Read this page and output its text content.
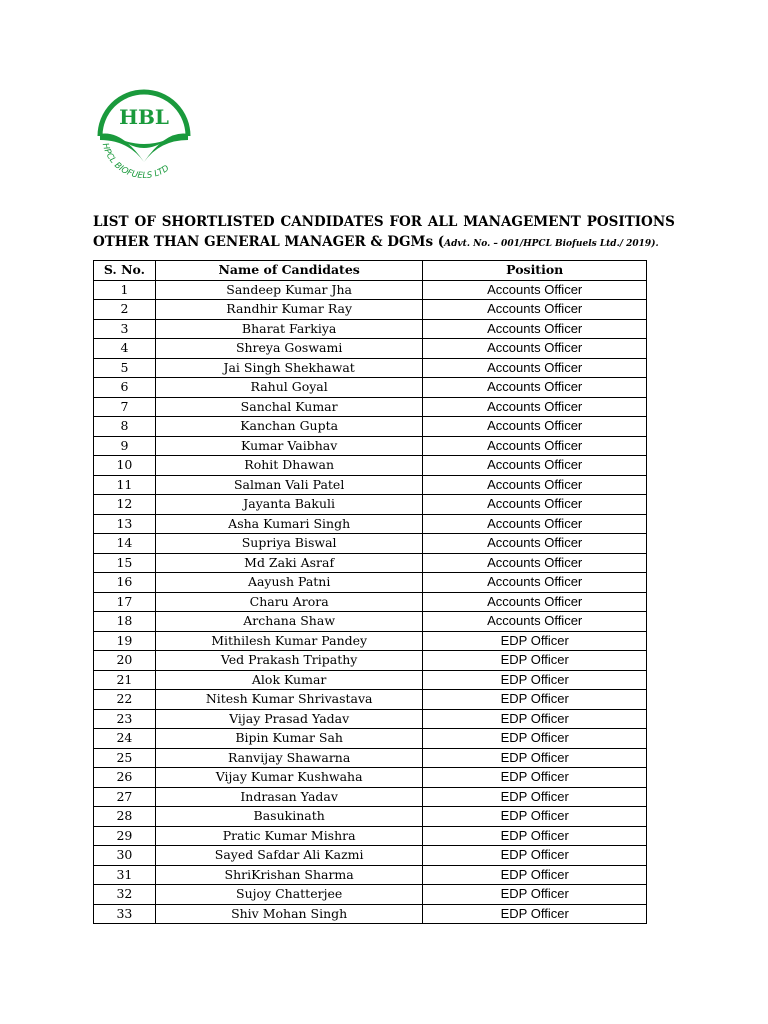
HBL
HPCL BIOFUELS LTD
LIST OF SHORTLISTED CANDIDATES FOR ALL MANAGEMENT POSITIONS
OTHER THAN GENERAL MANAGER & DGMs (Advt. No. – 001/HPCL Biofuels Ltd./ 2019).
S. No.	Name of Candidates	Position
1	Sandeep Kumar Jha	Accounts Officer
2	Randhir Kumar Ray	Accounts Officer
3	Bharat Farkiya	Accounts Officer
4	Shreya Goswami	Accounts Officer
5	Jai Singh Shekhawat	Accounts Officer
6	Rahul Goyal	Accounts Officer
7	Sanchal Kumar	Accounts Officer
8	Kanchan Gupta	Accounts Officer
9	Kumar Vaibhav	Accounts Officer
10	Rohit Dhawan	Accounts Officer
11	Salman Vali Patel	Accounts Officer
12	Jayanta Bakuli	Accounts Officer
13	Asha Kumari Singh	Accounts Officer
14	Supriya Biswal	Accounts Officer
15	Md Zaki Asraf	Accounts Officer
16	Aayush Patni	Accounts Officer
17	Charu Arora	Accounts Officer
18	Archana Shaw	Accounts Officer
19	Mithilesh Kumar Pandey	EDP Officer
20	Ved Prakash Tripathy	EDP Officer
21	Alok Kumar	EDP Officer
22	Nitesh Kumar Shrivastava	EDP Officer
23	Vijay Prasad Yadav	EDP Officer
24	Bipin Kumar Sah	EDP Officer
25	Ranvijay Shawarna	EDP Officer
26	Vijay Kumar Kushwaha	EDP Officer
27	Indrasan Yadav	EDP Officer
28	Basukinath	EDP Officer
29	Pratic Kumar Mishra	EDP Officer
30	Sayed Safdar Ali Kazmi	EDP Officer
31	ShriKrishan Sharma	EDP Officer
32	Sujoy Chatterjee	EDP Officer
33	Shiv Mohan Singh	EDP Officer
